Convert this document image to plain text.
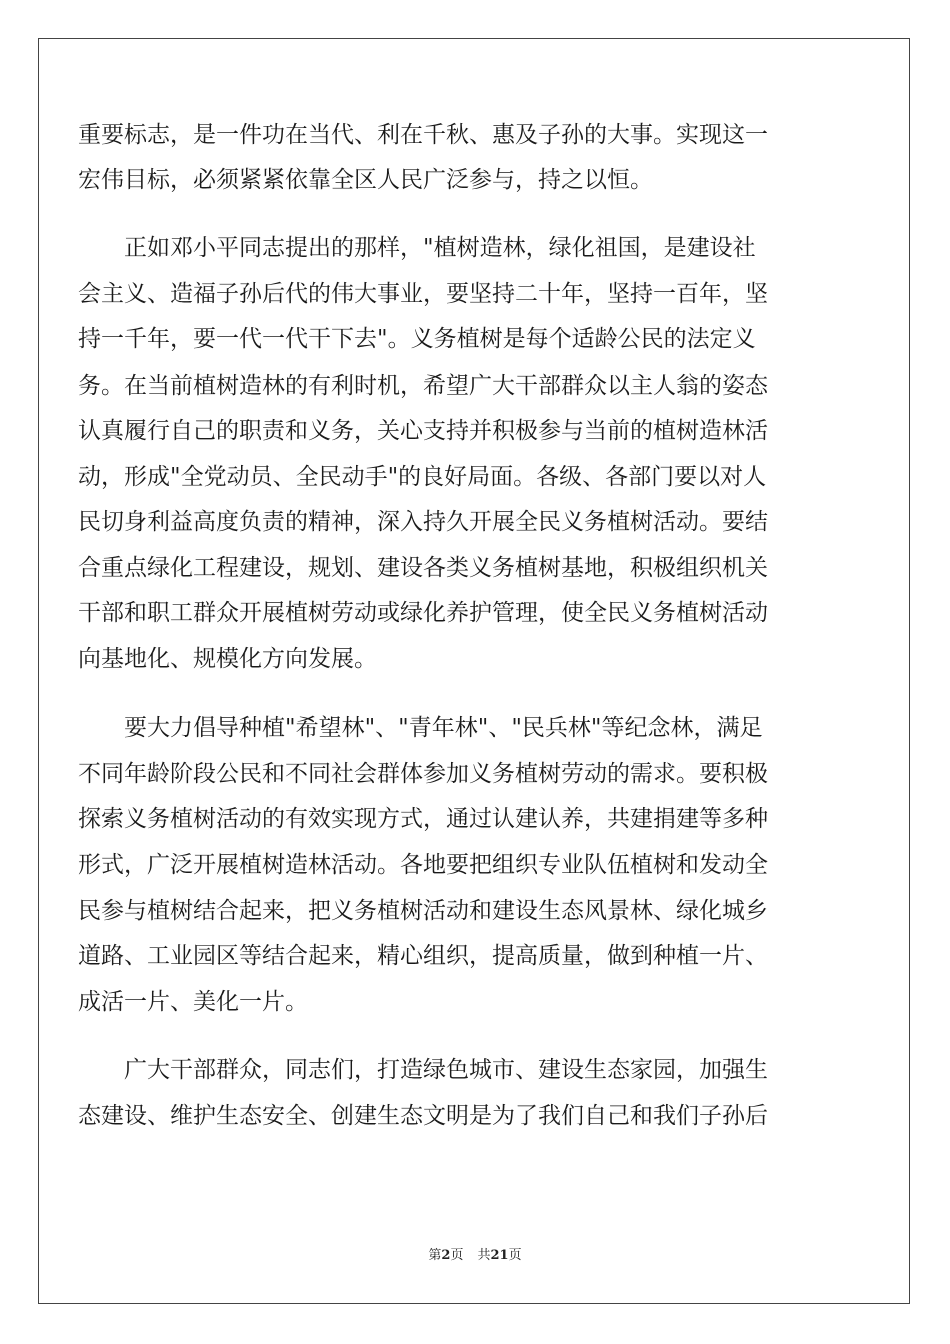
重要标志，是一件功在当代、利在千秋、惠及子孙的大事。实现这一
宏伟目标，必须紧紧依靠全区人民广泛参与，持之以恒。
正如邓小平同志提出的那样，"植树造林，绿化祖国，是建设社
会主义、造福子孙后代的伟大事业，要坚持二十年，坚持一百年，坚
持一千年，要一代一代干下去"。义务植树是每个适龄公民的法定义
务。在当前植树造林的有利时机，希望广大干部群众以主人翁的姿态
认真履行自己的职责和义务，关心支持并积极参与当前的植树造林活
动，形成"全党动员、全民动手"的良好局面。各级、各部门要以对人
民切身利益高度负责的精神，深入持久开展全民义务植树活动。要结
合重点绿化工程建设，规划、建设各类义务植树基地，积极组织机关
干部和职工群众开展植树劳动或绿化养护管理，使全民义务植树活动
向基地化、规模化方向发展。
要大力倡导种植"希望林"、"青年林"、"民兵林"等纪念林，满足
不同年龄阶段公民和不同社会群体参加义务植树劳动的需求。要积极
探索义务植树活动的有效实现方式，通过认建认养，共建捐建等多种
形式，广泛开展植树造林活动。各地要把组织专业队伍植树和发动全
民参与植树结合起来，把义务植树活动和建设生态风景林、绿化城乡
道路、工业园区等结合起来，精心组织，提高质量，做到种植一片、
成活一片、美化一片。
广大干部群众，同志们，打造绿色城市、建设生态家园，加强生
态建设、维护生态安全、创建生态文明是为了我们自己和我们子孙后
第2页 共21页
